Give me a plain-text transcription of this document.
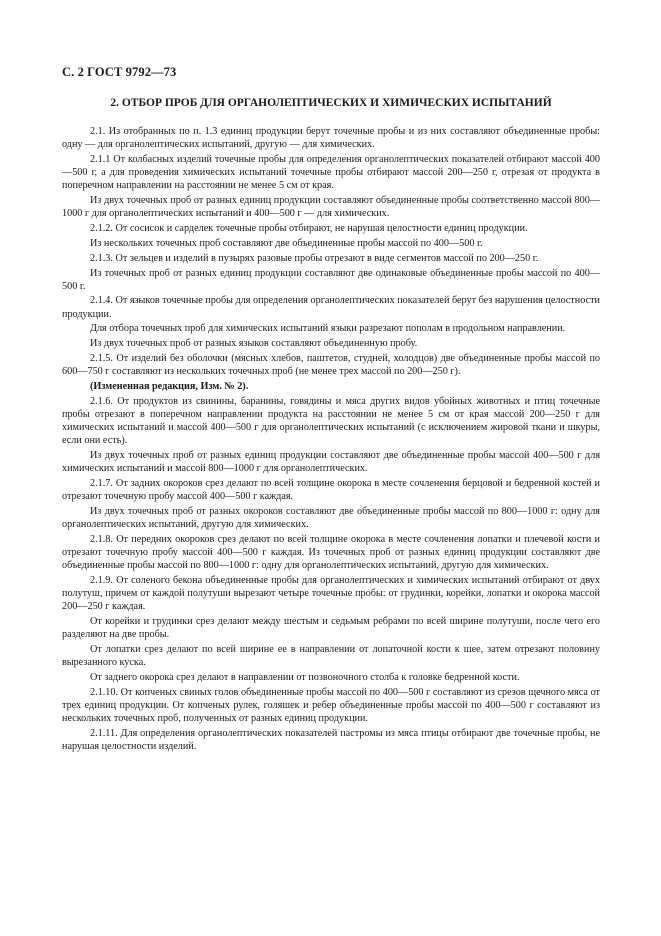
С. 2 ГОСТ 9792—73
2. ОТБОР ПРОБ ДЛЯ ОРГАНОЛЕПТИЧЕСКИХ И ХИМИЧЕСКИХ ИСПЫТАНИЙ

2.1. Из отобранных по п. 1.3 единиц продукции берут точечные пробы и из них составляют объединенные пробы: одну — для органолептических испытаний, другую — для химических.

2.1.1 От колбасных изделий точечные пробы для определения органолептических показателей отбирают массой 400—500 г, а для проведения химических испытаний точечные пробы отбирают массой 200—250 г, отрезая от продукта в поперечном направлении на расстоянии не менее 5 см от края.

Из двух точечных проб от разных единиц продукции составляют объединенные пробы соответственно массой 800—1000 г для органолептических испытаний и 400—500 г — для химических.

2.1.2. От сосисок и сарделек точечные пробы отбирают, не нарушая целостности единиц продукции.

Из нескольких точечных проб составляют две объединенные пробы массой по 400—500 г.

2.1.3. От зельцев и изделий в пузырях разовые пробы отрезают в виде сегментов массой по 200—250 г.

Из точечных проб от разных единиц продукции составляют две одинаковые объединенные пробы массой по 400—500 г.

2.1.4. От языков точечные пробы для определения органолептических показателей берут без нарушения целостности продукции.

Для отбора точечных проб для химических испытаний языки разрезают пополам в продольном направлении.

Из двух точечных проб от разных языков составляют объединенную пробу.

2.1.5. От изделий без оболочки (мясных хлебов, паштетов, студней, холодцов) две объединенные пробы массой по 600—750 г составляют из нескольких точечных проб (не менее трех массой по 200—250 г).

(Измененная редакция, Изм. № 2).

2.1.6. От продуктов из свинины, баранины, говядины и мяса других видов убойных животных и птиц точечные пробы отрезают в поперечном направлении продукта на расстоянии не менее 5 см от края массой 200—250 г для химических испытаний и массой 400—500 г для органолептических испытаний (с исключением жировой ткани и шкуры, если они есть).

Из двух точечных проб от разных единиц продукции составляют две объединенные пробы массой 400—500 г для химических испытаний и массой 800—1000 г для органолептических.

2.1.7. От задних окороков срез делают по всей толщине окорока в месте сочленения берцовой и бедренной костей и отрезают точечную пробу массой 400—500 г каждая.

Из двух точечных проб от разных окороков составляют две объединенные пробы массой по 800—1000 г: одну для органолептических испытаний, другую для химических.

2.1.8. От передних окороков срез делают по всей толщине окорока в месте сочленения лопатки и плечевой кости и отрезают точечную пробу массой 400—500 г каждая. Из точечных проб от разных единиц продукции составляют две объединенные пробы массой по 800—1000 г: одну для органолептических испытаний, другую для химических.

2.1.9. От соленого бекона объединенные пробы для органолептических и химических испытаний отбирают от двух полутуш, причем от каждой полутуши вырезают четыре точечные пробы: от грудинки, корейки, лопатки и окорока массой 200—250 г каждая.

От корейки и грудинки срез делают между шестым и седьмым ребрами по всей ширине полутуши, после чего его разделяют на две пробы.

От лопатки срез делают по всей ширине ее в направлении от лопаточной кости к шее, затем отрезают половину вырезанного куска.

От заднего окорока срез делают в направлении от позвоночного столба к головке бедренной кости.

2.1.10. От копченых свиных голов объединенные пробы массой по 400—500 г составляют из срезов щечного мяса от трех единиц продукции. От копченых рулек, голяшек и ребер объединенные пробы массой по 400—500 г составляют из нескольких точечных проб, полученных от разных единиц продукции.

2.1.11. Для определения органолептических показателей пастромы из мяса птицы отбирают две точечные пробы, не нарушая целостности изделий.
